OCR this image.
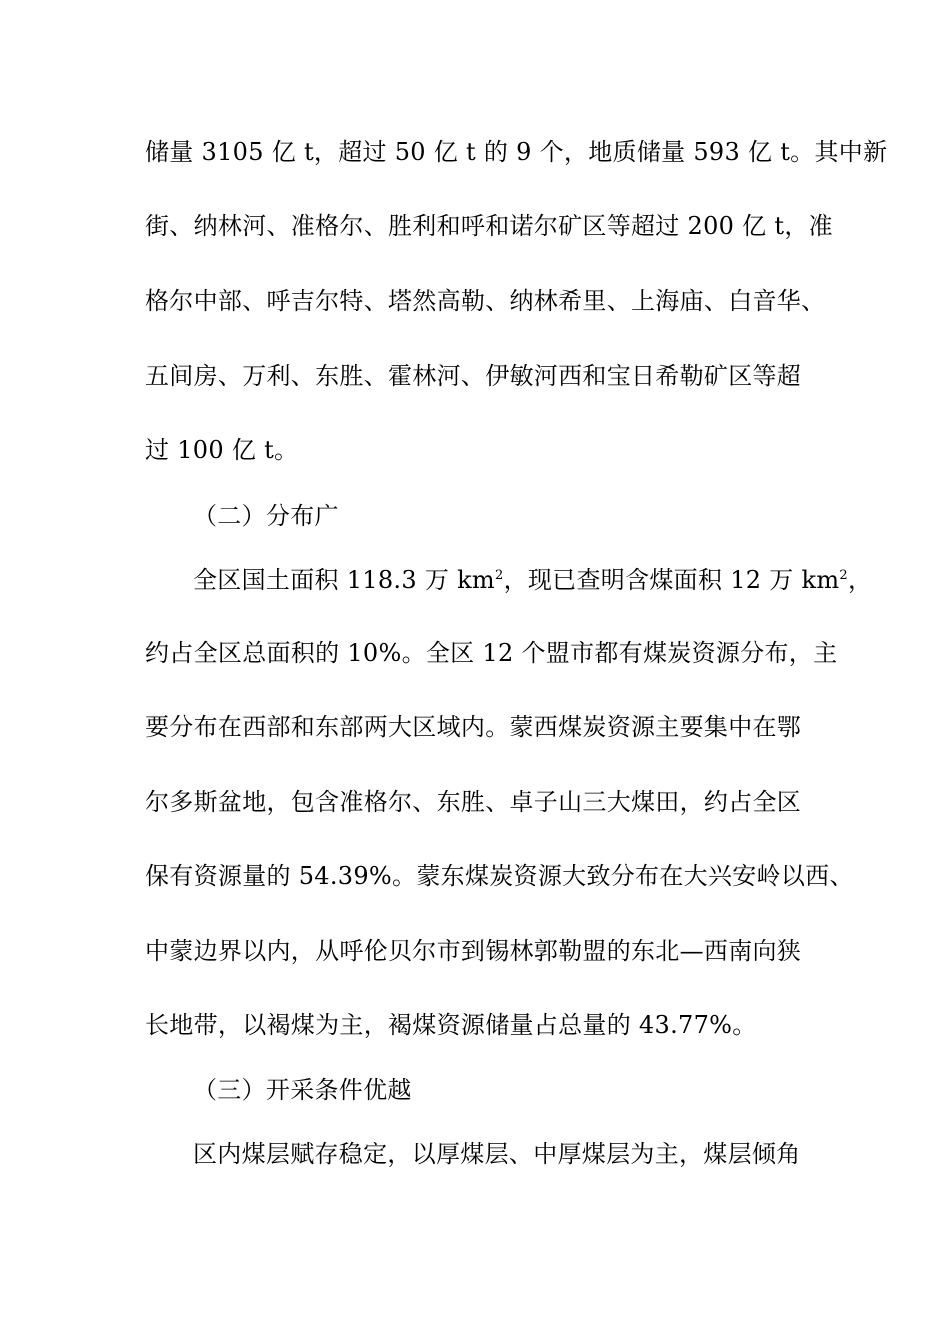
储量 3105 亿 t，超过 50 亿 t 的 9 个，地质储量 593 亿 t。其中新
街、纳林河、准格尔、胜利和呼和诺尔矿区等超过 200 亿 t，准
格尔中部、呼吉尔特、塔然高勒、纳林希里、上海庙、白音华、
五间房、万利、东胜、霍林河、伊敏河西和宝日希勒矿区等超
过 100 亿 t。
（二）分布广
全区国土面积 118.3 万 $km^2$，现已查明含煤面积 12 万 $km^2$，
约占全区总面积的 10%。全区 12 个盟市都有煤炭资源分布，主
要分布在西部和东部两大区域内。蒙西煤炭资源主要集中在鄂
尔多斯盆地，包含准格尔、东胜、卓子山三大煤田，约占全区
保有资源量的 54.39%。蒙东煤炭资源大致分布在大兴安岭以西、
中蒙边界以内，从呼伦贝尔市到锡林郭勒盟的东北—西南向狭
长地带，以褐煤为主，褐煤资源储量占总量的 43.77%。
（三）开采条件优越
区内煤层赋存稳定，以厚煤层、中厚煤层为主，煤层倾角
